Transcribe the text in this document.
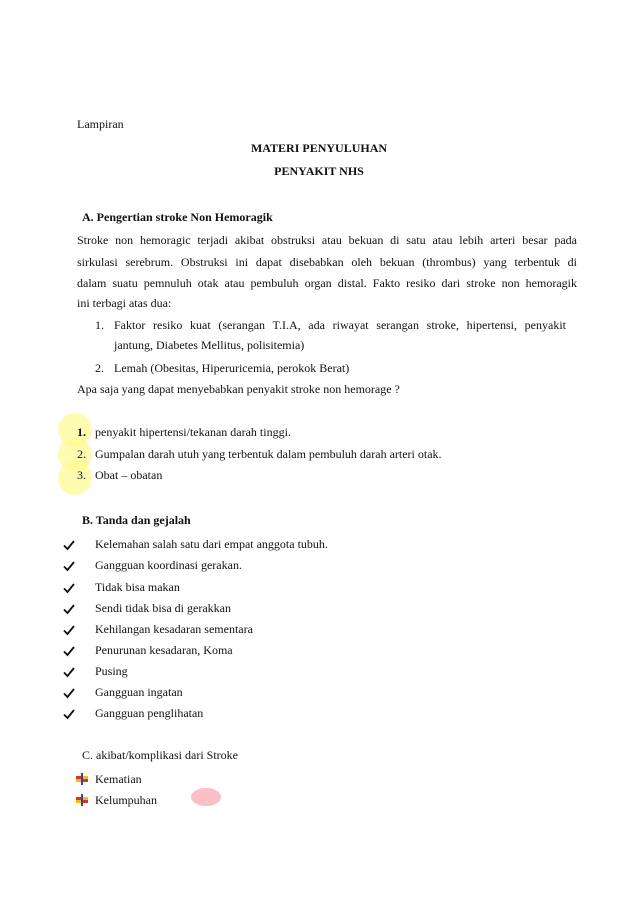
Lampiran
MATERI PENYULUHAN
PENYAKIT NHS
A. Pengertian stroke Non Hemoragik
Stroke non hemoragic terjadi akibat obstruksi atau bekuan di satu atau lebih arteri besar pada
sirkulasi serebrum. Obstruksi ini dapat disebabkan oleh bekuan (thrombus) yang terbentuk di
dalam suatu pemnuluh otak atau pembuluh organ distal. Fakto resiko dari stroke non hemoragik
ini terbagi atas dua:
1. Faktor resiko kuat (serangan T.I.A, ada riwayat serangan stroke, hipertensi, penyakit
jantung, Diabetes Mellitus, polisitemia)
2. Lemah (Obesitas, Hiperuricemia, perokok Berat)
Apa saja yang dapat menyebabkan penyakit stroke non hemorage ?
1. penyakit hipertensi/tekanan darah tinggi.
2. Gumpalan darah utuh yang terbentuk dalam pembuluh darah arteri otak.
3. Obat – obatan
B. Tanda dan gejalah
Kelemahan salah satu dari empat anggota tubuh.
Gangguan koordinasi gerakan.
Tidak bisa makan
Sendi tidak bisa di gerakkan
Kehilangan kesadaran sementara
Penurunan kesadaran, Koma
Pusing
Gangguan ingatan
Gangguan penglihatan
C. akibat/komplikasi dari Stroke
Kematian
Kelumpuhan
